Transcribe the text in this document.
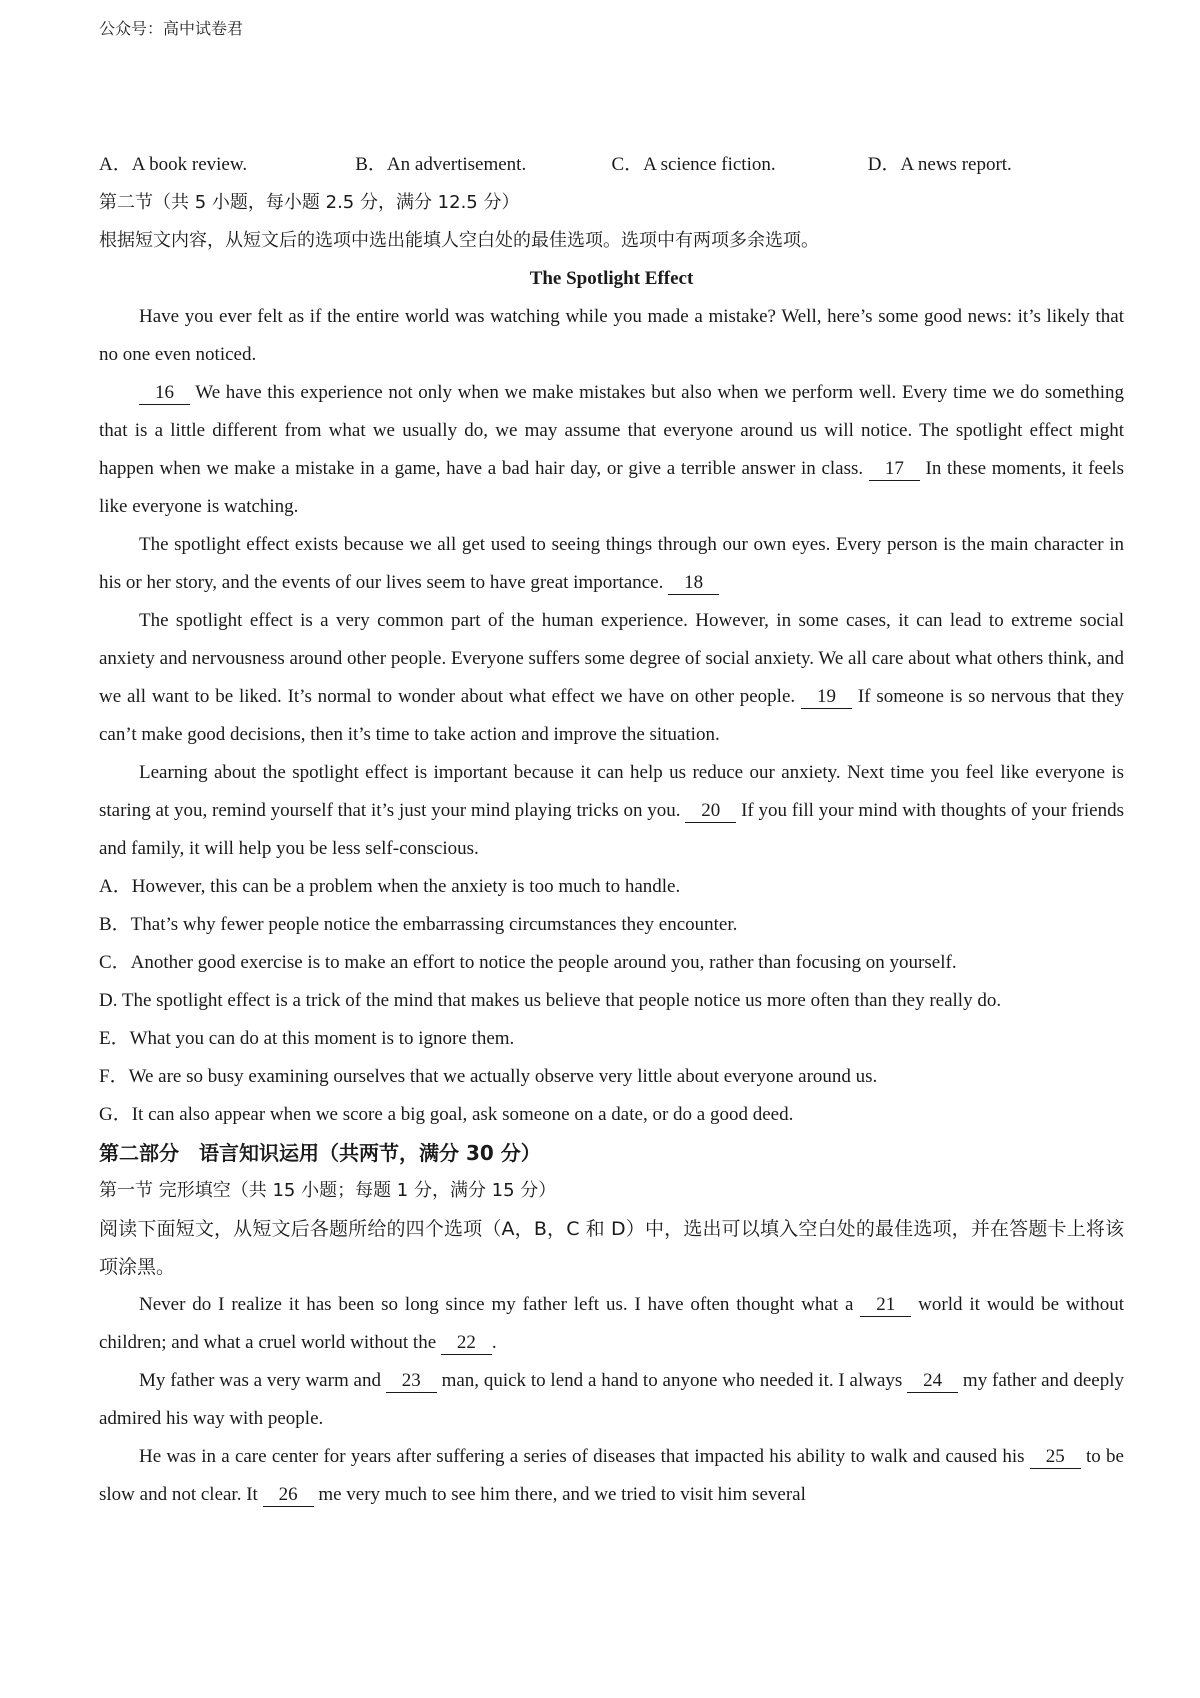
公众号：高中试卷君
A．A book review.	B．An advertisement.	C．A science fiction.	D．A news report.
第二节（共 5 小题，每小题 2.5 分，满分 12.5 分）
根据短文内容，从短文后的选项中选出能填人空白处的最佳选项。选项中有两项多余选项。
The Spotlight Effect
Have you ever felt as if the entire world was watching while you made a mistake? Well, here’s some good news: it’s likely that no one even noticed.
16 We have this experience not only when we make mistakes but also when we perform well. Every time we do something that is a little different from what we usually do, we may assume that everyone around us will notice. The spotlight effect might happen when we make a mistake in a game, have a bad hair day, or give a terrible answer in class. 17 In these moments, it feels like everyone is watching.
The spotlight effect exists because we all get used to seeing things through our own eyes. Every person is the main character in his or her story, and the events of our lives seem to have great importance. 18
The spotlight effect is a very common part of the human experience. However, in some cases, it can lead to extreme social anxiety and nervousness around other people. Everyone suffers some degree of social anxiety. We all care about what others think, and we all want to be liked. It’s normal to wonder about what effect we have on other people. 19 If someone is so nervous that they can’t make good decisions, then it’s time to take action and improve the situation.
Learning about the spotlight effect is important because it can help us reduce our anxiety. Next time you feel like everyone is staring at you, remind yourself that it’s just your mind playing tricks on you. 20 If you fill your mind with thoughts of your friends and family, it will help you be less self-conscious.
A．However, this can be a problem when the anxiety is too much to handle.
B．That’s why fewer people notice the embarrassing circumstances they encounter.
C．Another good exercise is to make an effort to notice the people around you, rather than focusing on yourself.
D. The spotlight effect is a trick of the mind that makes us believe that people notice us more often than they really do.
E．What you can do at this moment is to ignore them.
F．We are so busy examining ourselves that we actually observe very little about everyone around us.
G．It can also appear when we score a big goal, ask someone on a date, or do a good deed.
第二部分　语言知识运用（共两节，满分 30 分）
第一节 完形填空（共 15 小题；每题 1 分，满分 15 分）
阅读下面短文，从短文后各题所给的四个选项（A，B，C 和 D）中，选出可以填入空白处的最佳选项，并在答题卡上将该项涂黑。
Never do I realize it has been so long since my father left us. I have often thought what a 21 world it would be without children; and what a cruel world without the 22 .
My father was a very warm and 23 man, quick to lend a hand to anyone who needed it. I always 24 my father and deeply admired his way with people.
He was in a care center for years after suffering a series of diseases that impacted his ability to walk and caused his 25 to be slow and not clear. It 26 me very much to see him there, and we tried to visit him several
